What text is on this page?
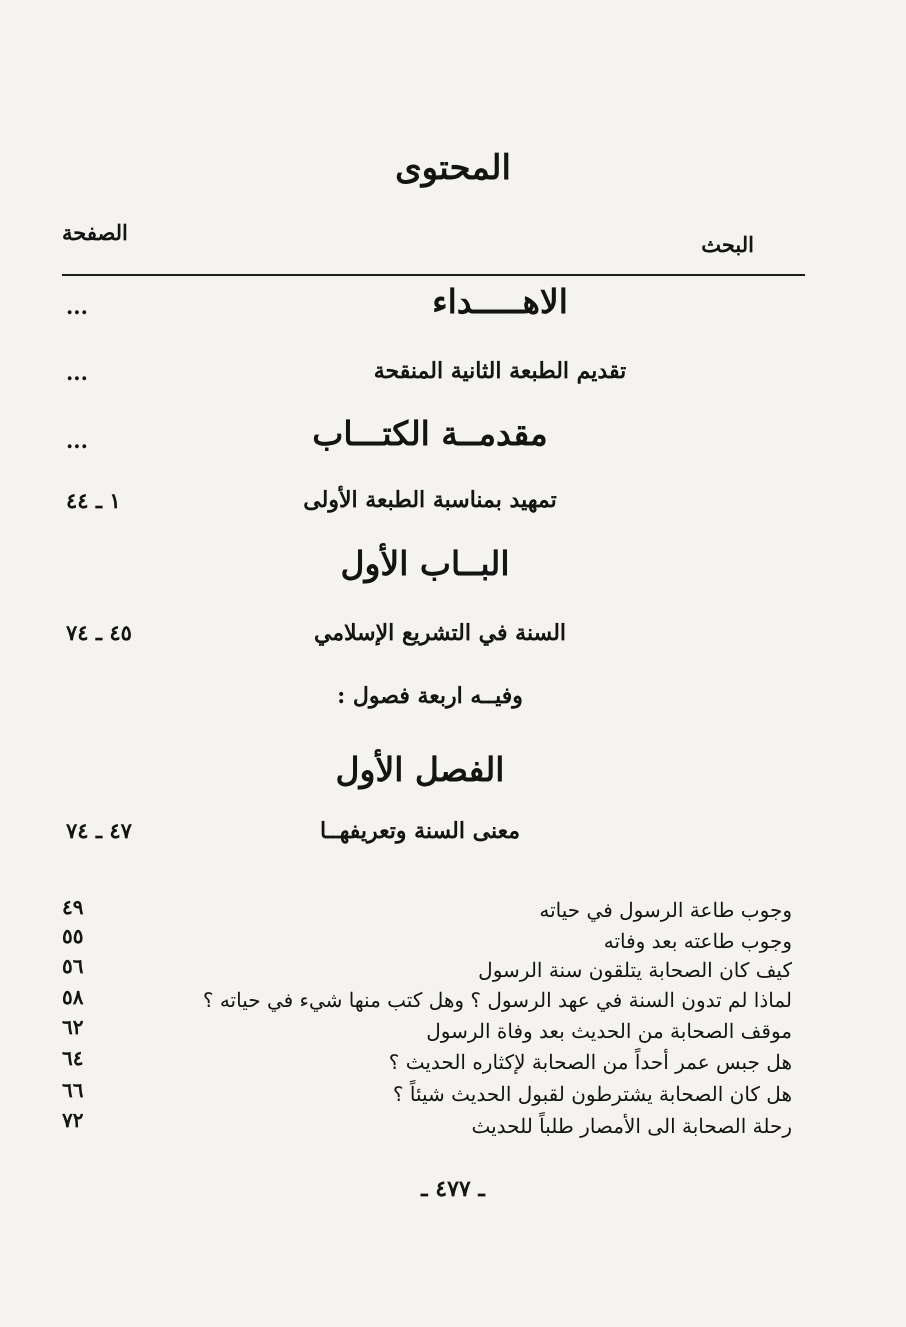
المحتوى
الصفحة	البحث
الاهـــــداء
...
تقديم الطبعة الثانية المنقحة
...
مقدمــة الكتـــاب
...
تمهيد بمناسبة الطبعة الأولى
١ ـ ٤٤
البــاب الأول
السنة في التشريع الإسلامي
٤٥ ـ ٧٤
وفيــه اربعة فصول :
الفصل الأول
معنى السنة وتعريفهــا
٤٧ ـ ٧٤
وجوب طاعة الرسول في حياته
٤٩
وجوب طاعته بعد وفاته
٥٥
كيف كان الصحابة يتلقون سنة الرسول
٥٦
لماذا لم تدون السنة في عهد الرسول ؟ وهل كتب منها شيء في حياته ؟
٥٨
موقف الصحابة من الحديث بعد وفاة الرسول
٦٢
هل جبس عمر أحداً من الصحابة لإكثاره الحديث ؟
٦٤
هل كان الصحابة يشترطون لقبول الحديث شيئاً ؟
٦٦
رحلة الصحابة الى الأمصار طلباً للحديث
٧٢
ـ ٤٧٧ ـ
